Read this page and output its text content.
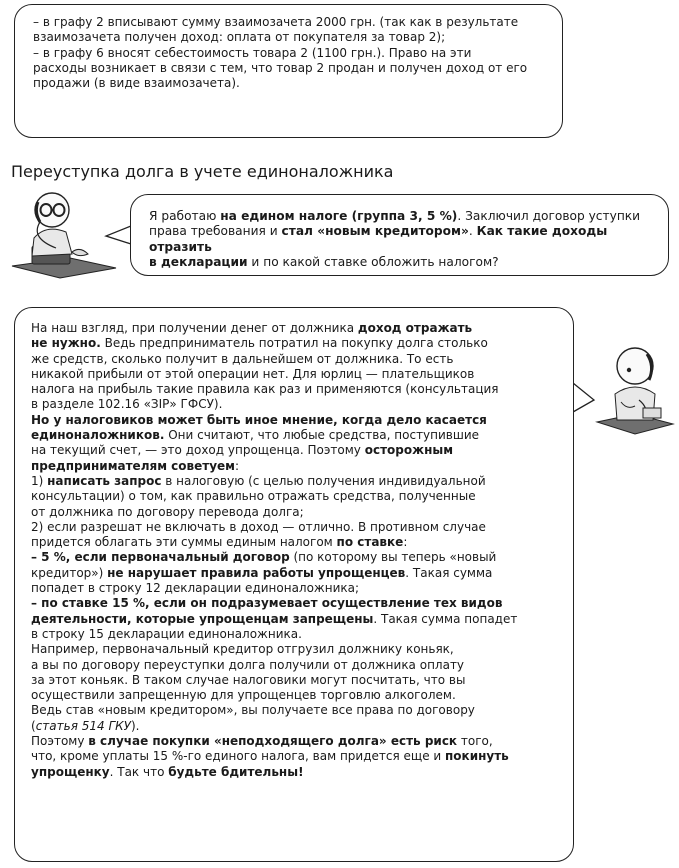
– в графу 2 вписывают сумму взаимозачета 2000 грн. (так как в результате

взаимозачета получен доход: оплата от покупателя за товар 2);

– в графу 6 вносят себестоимость товара 2 (1100 грн.). Право на эти

расходы возникает в связи с тем, что товар 2 продан и получен доход от его

продажи (в виде взаимозачета).

Переуступка долга в учете единоналожника

Я работаю на едином налоге (группа 3, 5 %). Заключил договор уступки

права требования и стал «новым кредитором». Как такие доходы отразить

в декларации и по какой ставке обложить налогом?

На наш взгляд, при получении денег от должника доход отражать

не нужно. Ведь предприниматель потратил на покупку долга столько

же средств, сколько получит в дальнейшем от должника. То есть

никакой прибыли от этой операции нет. Для юрлиц — плательщиков

налога на прибыль такие правила как раз и применяются (консультация

в разделе 102.16 «ЗІР» ГФСУ).

Но у налоговиков может быть иное мнение, когда дело касается

единоналожников. Они считают, что любые средства, поступившие

на текущий счет, — это доход упрощенца. Поэтому осторожным

предпринимателям советуем:

1) написать запрос в налоговую (с целью получения индивидуальной

консультации) о том, как правильно отражать средства, полученные

от должника по договору перевода долга;

2) если разрешат не включать в доход — отлично. В противном случае

придется облагать эти суммы единым налогом по ставке:

– 5 %, если первоначальный договор (по которому вы теперь «новый

кредитор») не нарушает правила работы упрощенцев. Такая сумма

попадет в строку 12 декларации единоналожника;

– по ставке 15 %, если он подразумевает осуществление тех видов

деятельности, которые упрощенцам запрещены. Такая сумма попадет

в строку 15 декларации единоналожника.

Например, первоначальный кредитор отгрузил должнику коньяк,

а вы по договору переуступки долга получили от должника оплату

за этот коньяк. В таком случае налоговики могут посчитать, что вы

осуществили запрещенную для упрощенцев торговлю алкоголем.

Ведь став «новым кредитором», вы получаете все права по договору

(статья 514 ГКУ).

Поэтому в случае покупки «неподходящего долга» есть риск того,

что, кроме уплаты 15 %-го единого налога, вам придется еще и покинуть

упрощенку. Так что будьте бдительны!
